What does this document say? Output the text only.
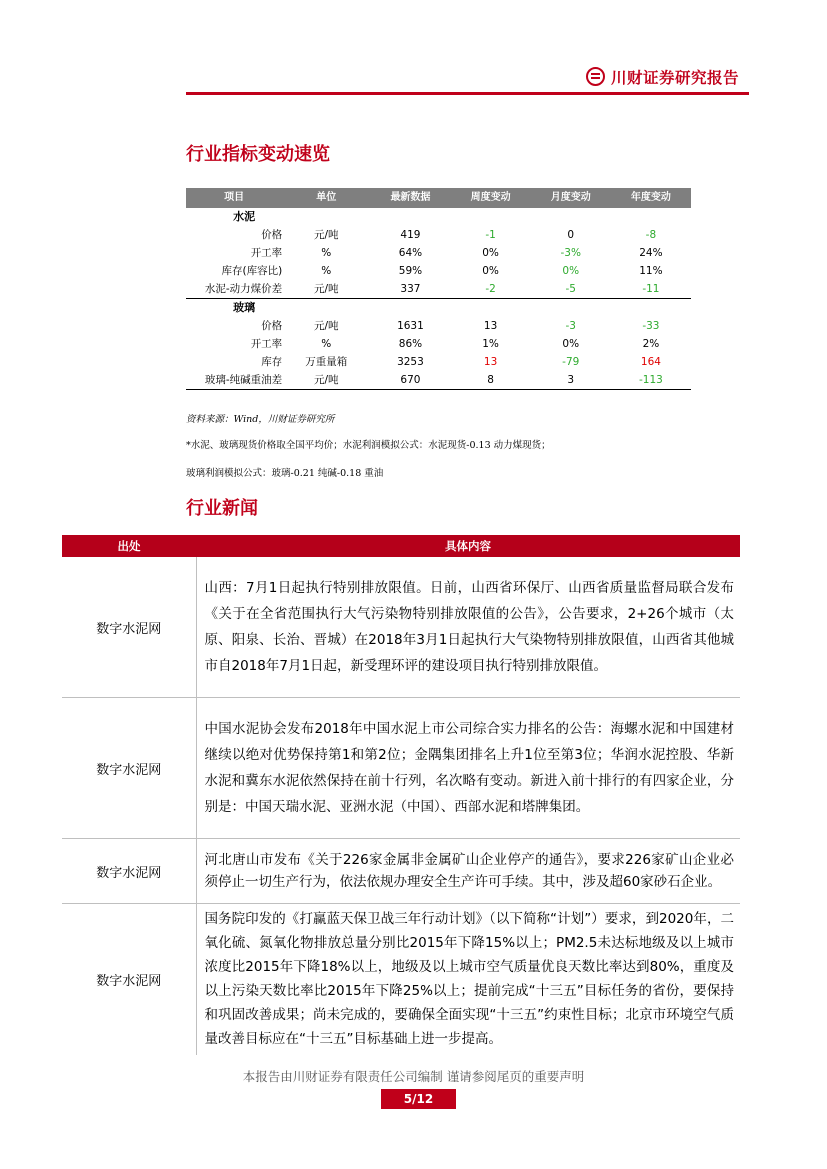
川财证券研究报告
行业指标变动速览
项目	单位	最新数据	周度变动	月度变动	年度变动
水泥					
价格	元/吨	419	-1	0	-8
开工率	%	64%	0%	-3%	24%
库存(库容比)	%	59%	0%	0%	11%
水泥-动力煤价差	元/吨	337	-2	-5	-11
玻璃					
价格	元/吨	1631	13	-3	-33
开工率	%	86%	1%	0%	2%
库存	万重量箱	3253	13	-79	164
玻璃-纯碱重油差	元/吨	670	8	3	-113
资料来源：Wind，川财证券研究所
*水泥、玻璃现货价格取全国平均价；水泥利润模拟公式：水泥现货-0.13 动力煤现货；
玻璃利润模拟公式：玻璃-0.21 纯碱-0.18 重油
行业新闻
出处	具体内容
数字水泥网	山西：7月1日起执行特别排放限值。日前，山西省环保厅、山西省质量监督局联合发布《关于在全省范围执行大气污染物特别排放限值的公告》，公告要求，2+26个城市（太原、阳泉、长治、晋城）在2018年3月1日起执行大气染物特别排放限值，山西省其他城市自2018年7月1日起，新受理环评的建设项目执行特别排放限值。
数字水泥网	中国水泥协会发布2018年中国水泥上市公司综合实力排名的公告：海螺水泥和中国建材继续以绝对优势保持第1和第2位；金隅集团排名上升1位至第3位；华润水泥控股、华新水泥和冀东水泥依然保持在前十行列，名次略有变动。新进入前十排行的有四家企业，分别是：中国天瑞水泥、亚洲水泥（中国）、西部水泥和塔牌集团。
数字水泥网	河北唐山市发布《关于226家金属非金属矿山企业停产的通告》，要求226家矿山企业必须停止一切生产行为，依法依规办理安全生产许可手续。其中，涉及超60家砂石企业。
数字水泥网	国务院印发的《打赢蓝天保卫战三年行动计划》（以下简称“计划”）要求，到2020年，二氧化硫、氮氧化物排放总量分别比2015年下降15%以上；PM2.5未达标地级及以上城市浓度比2015年下降18%以上，地级及以上城市空气质量优良天数比率达到80%，重度及以上污染天数比率比2015年下降25%以上；提前完成“十三五”目标任务的省份，要保持和巩固改善成果；尚未完成的，要确保全面实现“十三五”约束性目标；北京市环境空气质量改善目标应在“十三五”目标基础上进一步提高。
本报告由川财证券有限责任公司编制 谨请参阅尾页的重要声明
5/12
